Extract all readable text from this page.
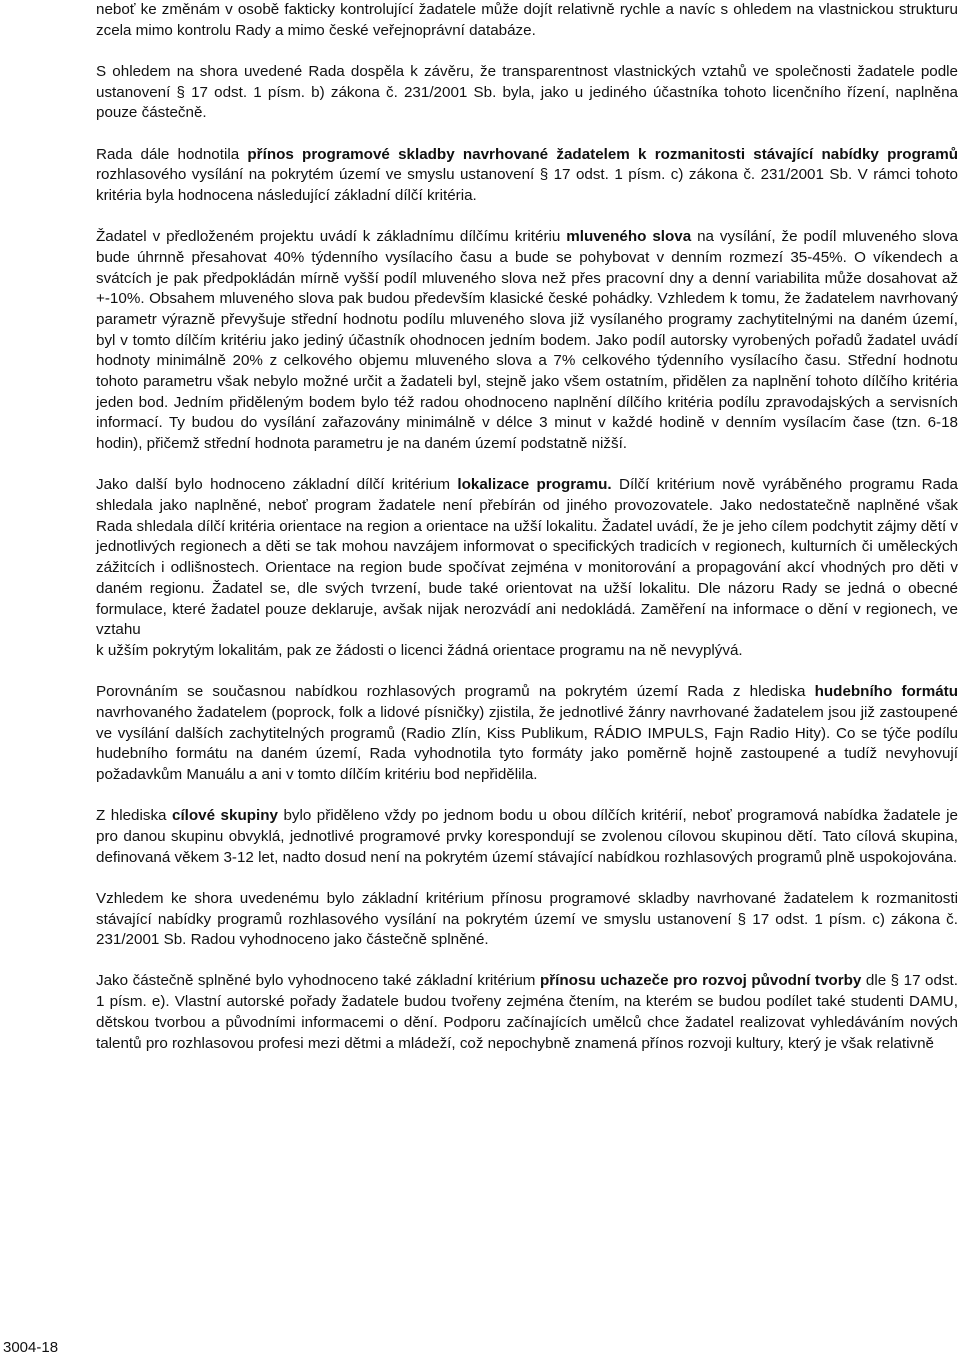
neboť ke změnám v osobě fakticky kontrolující žadatele může dojít relativně rychle a navíc s ohledem na vlastnickou strukturu zcela mimo kontrolu Rady a mimo české veřejnoprávní databáze.

S ohledem na shora uvedené Rada dospěla k závěru, že transparentnost vlastnických vztahů ve společnosti žadatele podle ustanovení § 17 odst. 1 písm. b) zákona č. 231/2001 Sb. byla, jako u jediného účastníka tohoto licenčního řízení, naplněna pouze částečně.

Rada dále hodnotila přínos programové skladby navrhované žadatelem k rozmanitosti stávající nabídky programů rozhlasového vysílání na pokrytém území ve smyslu ustanovení § 17 odst. 1 písm. c) zákona č. 231/2001 Sb. V rámci tohoto kritéria byla hodnocena následující základní dílčí kritéria.

Žadatel v předloženém projektu uvádí k základnímu dílčímu kritériu mluveného slova na vysílání, že podíl mluveného slova bude úhrnně přesahovat 40% týdenního vysílacího času a bude se pohybovat v denním rozmezí 35-45%. O víkendech a svátcích je pak předpokládán mírně vyšší podíl mluveného slova než přes pracovní dny a denní variabilita může dosahovat až +-10%. Obsahem mluveného slova pak budou především klasické české pohádky. Vzhledem k tomu, že žadatelem navrhovaný parametr výrazně převyšuje střední hodnotu podílu mluveného slova již vysílaného programy zachytitelnými na daném území, byl v tomto dílčím kritériu jako jediný účastník ohodnocen jedním bodem. Jako podíl autorsky vyrobených pořadů žadatel uvádí hodnoty minimálně 20% z celkového objemu mluveného slova a 7% celkového týdenního vysílacího času. Střední hodnotu tohoto parametru však nebylo možné určit a žadateli byl, stejně jako všem ostatním, přidělen za naplnění tohoto dílčího kritéria jeden bod. Jedním přiděleným bodem bylo též radou ohodnoceno naplnění dílčího kritéria podílu zpravodajských a servisních informací. Ty budou do vysílání zařazovány minimálně v délce 3 minut v každé hodině v denním vysílacím čase (tzn. 6-18 hodin), přičemž střední hodnota parametru je na daném území podstatně nižší.

Jako další bylo hodnoceno základní dílčí kritérium lokalizace programu. Dílčí kritérium nově vyráběného programu Rada shledala jako naplněné, neboť program žadatele není přebírán od jiného provozovatele. Jako nedostatečně naplněné však Rada shledala dílčí kritéria orientace na region a orientace na užší lokalitu. Žadatel uvádí, že je jeho cílem podchytit zájmy dětí v jednotlivých regionech a děti se tak mohou navzájem informovat o specifických tradicích v regionech, kulturních či uměleckých zážitcích i odlišnostech. Orientace na region bude spočívat zejména v monitorování a propagování akcí vhodných pro děti v daném regionu. Žadatel se, dle svých tvrzení, bude také orientovat na užší lokalitu. Dle názoru Rady se jedná o obecné formulace, které žadatel pouze deklaruje, avšak nijak nerozvádí ani nedokládá. Zaměření na informace o dění v regionech, ve vztahu
k užším pokrytým lokalitám, pak ze žádosti o licenci žádná orientace programu na ně nevyplývá.

Porovnáním se současnou nabídkou rozhlasových programů na pokrytém území Rada z hlediska hudebního formátu navrhovaného žadatelem (poprock, folk a lidové písničky) zjistila, že jednotlivé žánry navrhované žadatelem jsou již zastoupené ve vysílání dalších zachytitelných programů (Radio Zlín, Kiss Publikum, RÁDIO IMPULS, Fajn Radio Hity). Co se týče podílu hudebního formátu na daném území, Rada vyhodnotila tyto formáty jako poměrně hojně zastoupené a tudíž nevyhovují požadavkům Manuálu a ani v tomto dílčím kritériu bod nepřidělila.

Z hlediska cílové skupiny bylo přiděleno vždy po jednom bodu u obou dílčích kritérií, neboť programová nabídka žadatele je pro danou skupinu obvyklá, jednotlivé programové prvky korespondují se zvolenou cílovou skupinou dětí. Tato cílová skupina, definovaná věkem 3-12 let, nadto dosud není na pokrytém území stávající nabídkou rozhlasových programů plně uspokojována.

Vzhledem ke shora uvedenému bylo základní kritérium přínosu programové skladby navrhované žadatelem k rozmanitosti stávající nabídky programů rozhlasového vysílání na pokrytém území ve smyslu ustanovení § 17 odst. 1 písm. c) zákona č. 231/2001 Sb. Radou vyhodnoceno jako částečně splněné.

Jako částečně splněné bylo vyhodnoceno také základní kritérium přínosu uchazeče pro rozvoj původní tvorby dle § 17 odst. 1 písm. e). Vlastní autorské pořady žadatele budou tvořeny zejména čtením, na kterém se budou podílet také studenti DAMU, dětskou tvorbou a původními informacemi o dění. Podporu začínajících umělců chce žadatel realizovat vyhledáváním nových talentů pro rozhlasovou profesi mezi dětmi a mládeží, což nepochybně znamená přínos rozvoji kultury, který je však relativně

3004-18
